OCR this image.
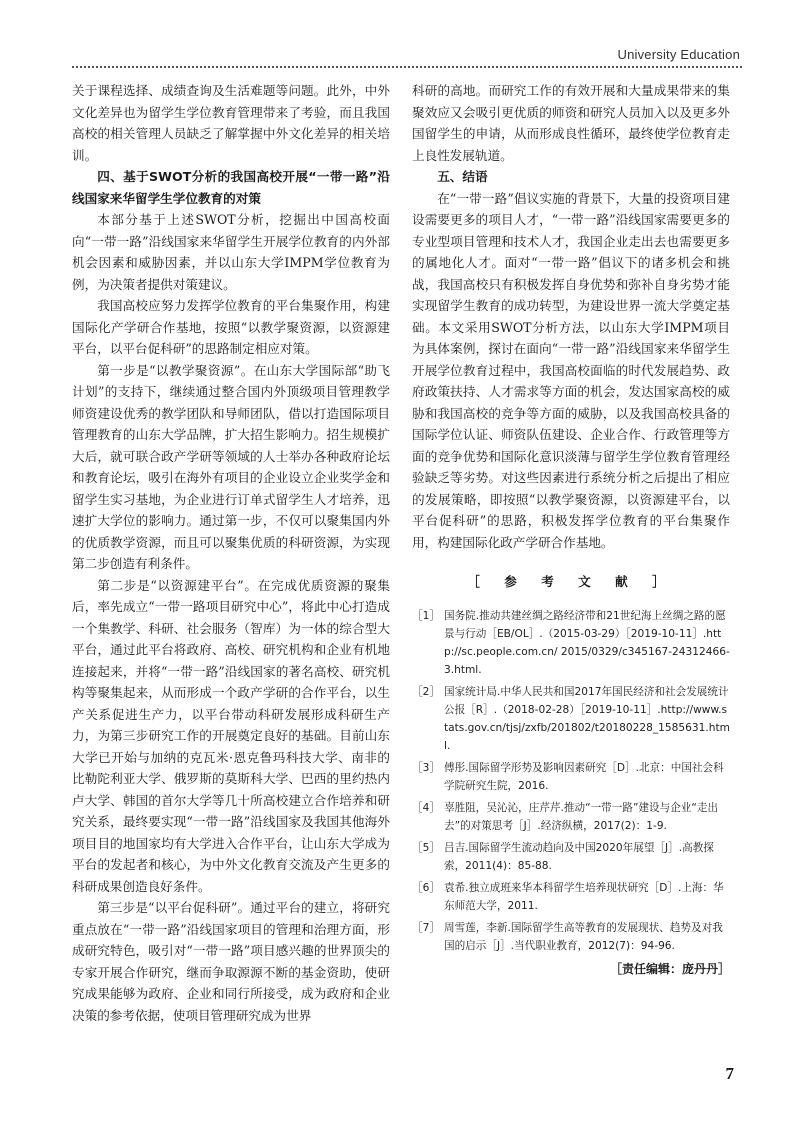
University Education

关于课程选择、成绩查询及生活难题等问题。此外，中外文化差异也为留学生学位教育管理带来了考验，而且我国高校的相关管理人员缺乏了解掌握中外文化差异的相关培训。

四、基于SWOT分析的我国高校开展“一带一路”沿线国家来华留学生学位教育的对策

本部分基于上述SWOT分析，挖掘出中国高校面向“一带一路”沿线国家来华留学生开展学位教育的内外部机会因素和威胁因素，并以山东大学IMPM学位教育为例，为决策者提供对策建议。

我国高校应努力发挥学位教育的平台集聚作用，构建国际化产学研合作基地，按照“以教学聚资源，以资源建平台，以平台促科研”的思路制定相应对策。

第一步是“以教学聚资源”。在山东大学国际部“助飞计划”的支持下，继续通过整合国内外顶级项目管理教学师资建设优秀的教学团队和导师团队，借以打造国际项目管理教育的山东大学品牌，扩大招生影响力。招生规模扩大后，就可联合政产学研等领域的人士举办各种政府论坛和教育论坛，吸引在海外有项目的企业设立企业奖学金和留学生实习基地，为企业进行订单式留学生人才培养，迅速扩大学位的影响力。通过第一步，不仅可以聚集国内外的优质教学资源，而且可以聚集优质的科研资源，为实现第二步创造有利条件。

第二步是“以资源建平台”。在完成优质资源的聚集后，率先成立“一带一路项目研究中心”，将此中心打造成一个集教学、科研、社会服务（智库）为一体的综合型大平台，通过此平台将政府、高校、研究机构和企业有机地连接起来，并将“一带一路”沿线国家的著名高校、研究机构等聚集起来，从而形成一个政产学研的合作平台，以生产关系促进生产力，以平台带动科研发展形成科研生产力，为第三步研究工作的开展奠定良好的基础。目前山东大学已开始与加纳的克瓦米·恩克鲁玛科技大学、南非的比勒陀利亚大学、俄罗斯的莫斯科大学、巴西的里约热内卢大学、韩国的首尔大学等几十所高校建立合作培养和研究关系，最终要实现“一带一路”沿线国家及我国其他海外项目目的地国家均有大学进入合作平台，让山东大学成为平台的发起者和核心，为中外文化教育交流及产生更多的科研成果创造良好条件。

第三步是“以平台促科研”。通过平台的建立，将研究重点放在“一带一路”沿线国家项目的管理和治理方面，形成研究特色，吸引对“一带一路”项目感兴趣的世界顶尖的专家开展合作研究，继而争取源源不断的基金资助，使研究成果能够为政府、企业和同行所接受，成为政府和企业决策的参考依据，使项目管理研究成为世界

科研的高地。而研究工作的有效开展和大量成果带来的集聚效应又会吸引更优质的师资和研究人员加入以及更多外国留学生的申请，从而形成良性循环，最终使学位教育走上良性发展轨道。

五、结语

在“一带一路”倡议实施的背景下，大量的投资项目建设需要更多的项目人才，“一带一路”沿线国家需要更多的专业型项目管理和技术人才，我国企业走出去也需要更多的属地化人才。面对“一带一路”倡议下的诸多机会和挑战，我国高校只有积极发挥自身优势和弥补自身劣势才能实现留学生教育的成功转型，为建设世界一流大学奠定基础。本文采用SWOT分析方法，以山东大学IMPM项目为具体案例，探讨在面向“一带一路”沿线国家来华留学生开展学位教育过程中，我国高校面临的时代发展趋势、政府政策扶持、人才需求等方面的机会，发达国家高校的威胁和我国高校的竞争等方面的威胁，以及我国高校具备的国际学位认证、师资队伍建设、企业合作、行政管理等方面的竞争优势和国际化意识淡薄与留学生学位教育管理经验缺乏等劣势。对这些因素进行系统分析之后提出了相应的发展策略，即按照“以教学聚资源，以资源建平台，以平台促科研”的思路，积极发挥学位教育的平台集聚作用，构建国际化政产学研合作基地。

［ 参 考 文 献 ］
［1］ 国务院.推动共建丝绸之路经济带和21世纪海上丝绸之路的愿景与行动［EB/OL］.（2015-03-29）［2019-10-11］.http://sc.people.com.cn/ 2015/0329/c345167-24312466-3.html.
［2］ 国家统计局.中华人民共和国2017年国民经济和社会发展统计公报［R］.（2018-02-28）［2019-10-11］.http://www.stats.gov.cn/tjsj/zxfb/201802/t20180228_1585631.html.
［3］ 傅彤.国际留学形势及影响因素研究［D］.北京：中国社会科学院研究生院，2016.
［4］ 辜胜阻，吴沁沁，庄芹芹.推动“一带一路”建设与企业“走出去”的对策思考［J］.经济纵横，2017(2)：1-9.
［5］ 吕吉.国际留学生流动趋向及中国2020年展望［J］.高教探索，2011(4)：85-88.
［6］ 袁希.独立成班来华本科留学生培养现状研究［D］.上海：华东师范大学，2011.
［7］ 周雪莲，李新.国际留学生高等教育的发展现状、趋势及对我国的启示［J］.当代职业教育，2012(7)：94-96.
［责任编辑：庞丹丹］
7
